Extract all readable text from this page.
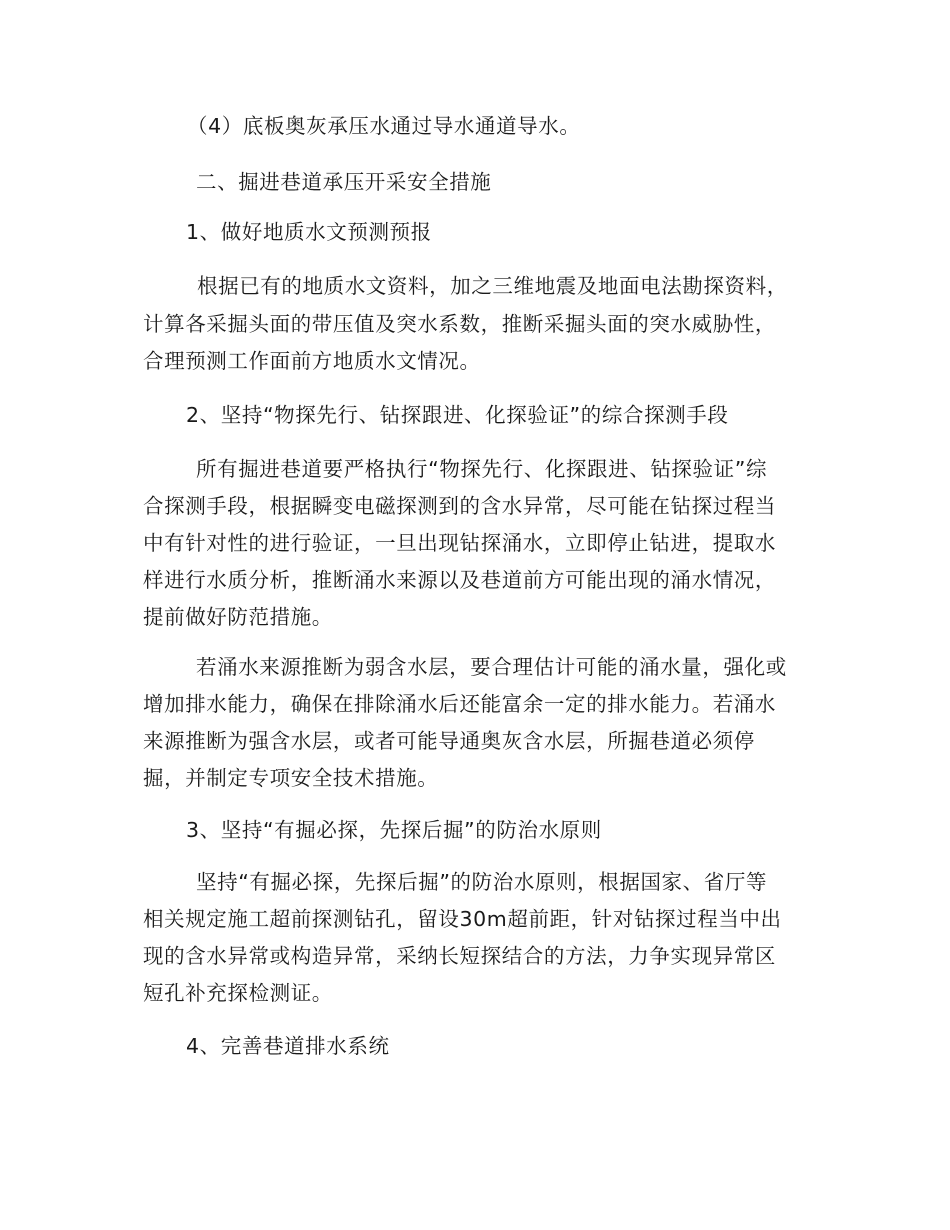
（4）底板奥灰承压水通过导水通道导水。
二、掘进巷道承压开采安全措施
1、做好地质水文预测预报
根据已有的地质水文资料，加之三维地震及地面电法勘探资料，
计算各采掘头面的带压值及突水系数，推断采掘头面的突水威胁性，
合理预测工作面前方地质水文情况。
2、坚持“物探先行、钻探跟进、化探验证”的综合探测手段
所有掘进巷道要严格执行“物探先行、化探跟进、钻探验证”综
合探测手段，根据瞬变电磁探测到的含水异常，尽可能在钻探过程当
中有针对性的进行验证，一旦出现钻探涌水，立即停止钻进，提取水
样进行水质分析，推断涌水来源以及巷道前方可能出现的涌水情况，
提前做好防范措施。
若涌水来源推断为弱含水层，要合理估计可能的涌水量，强化或
增加排水能力，确保在排除涌水后还能富余一定的排水能力。若涌水
来源推断为强含水层，或者可能导通奥灰含水层，所掘巷道必须停
掘，并制定专项安全技术措施。
3、坚持“有掘必探，先探后掘”的防治水原则
坚持“有掘必探，先探后掘”的防治水原则，根据国家、省厅等
相关规定施工超前探测钻孔，留设30m超前距，针对钻探过程当中出
现的含水异常或构造异常，采纳长短探结合的方法，力争实现异常区
短孔补充探检测证。
4、完善巷道排水系统
